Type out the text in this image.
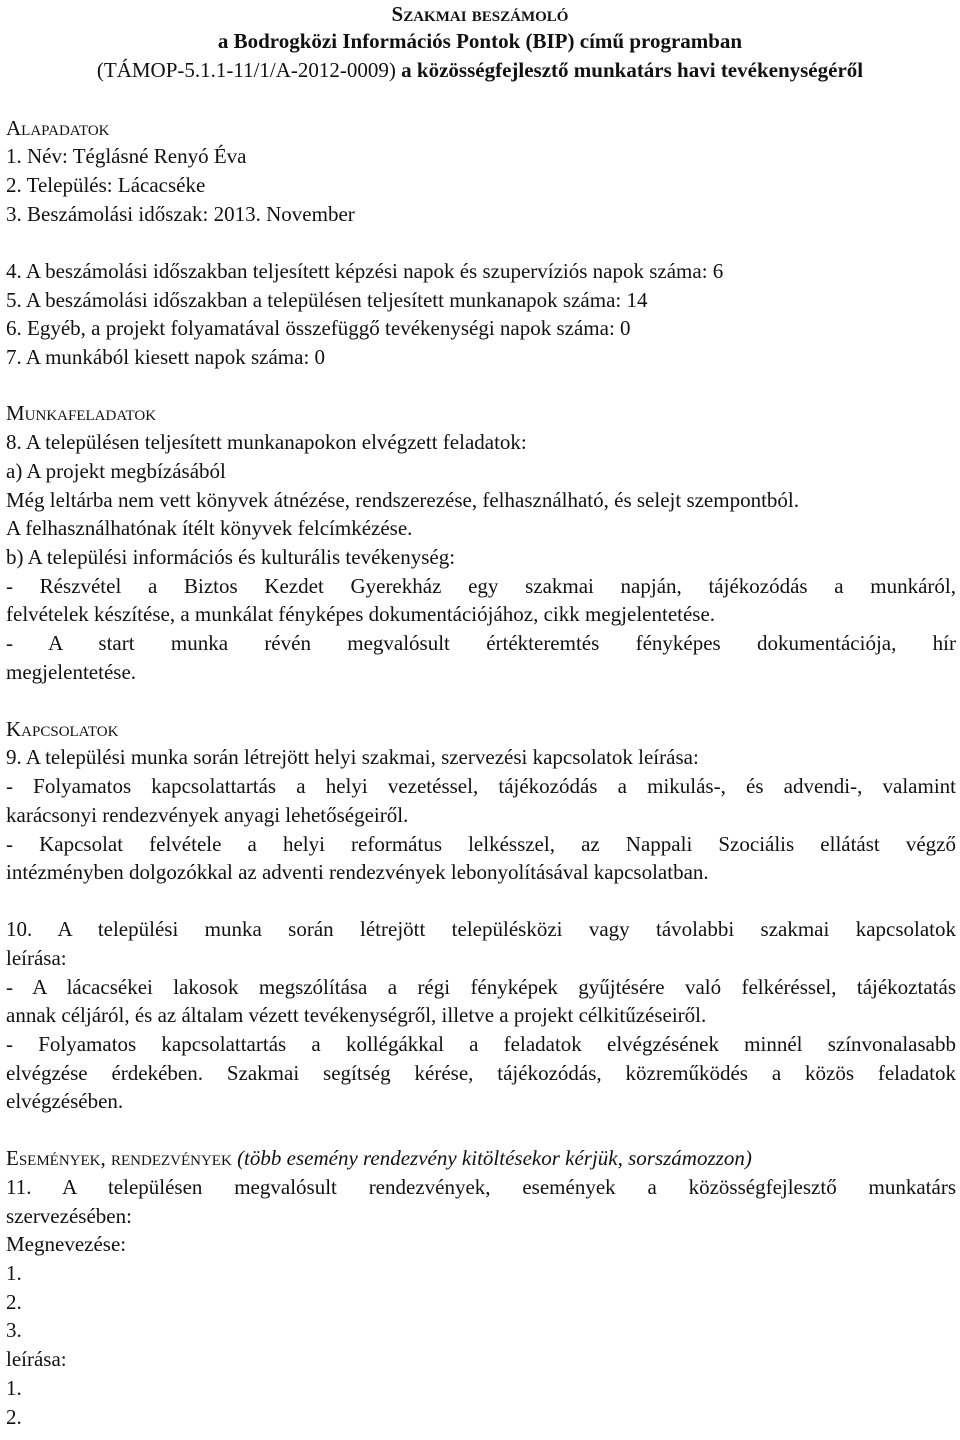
Szakmai beszámoló
a Bodrogközi Információs Pontok (BIP) című programban
(TÁMOP-5.1.1-11/1/A-2012-0009) a közösségfejlesztő munkatárs havi tevékenységéről
Alapadatok
1. Név: Téglásné Renyó Éva
2. Település: Lácacséke
3. Beszámolási időszak: 2013. November
4. A beszámolási időszakban teljesített képzési napok és szupervíziós napok száma: 6
5. A beszámolási időszakban a településen teljesített munkanapok száma: 14
6. Egyéb, a projekt folyamatával összefüggő tevékenységi napok száma: 0
7. A munkából kiesett napok száma: 0
Munkafeladatok
8. A településen teljesített munkanapokon elvégzett feladatok:
a) A projekt megbízásából
Még leltárba nem vett könyvek átnézése, rendszerezése, felhasználható, és selejt szempontból.
A felhasználhatónak ítélt könyvek felcímkézése.
b) A települési információs és kulturális tevékenység:
- Részvétel a Biztos Kezdet Gyerekház egy szakmai napján, tájékozódás a munkáról,
felvételek készítése, a munkálat fényképes dokumentációjához, cikk megjelentetése.
- A start munka révén megvalósult értékteremtés fényképes dokumentációja, hír
megjelentetése.
Kapcsolatok
9. A települési munka során létrejött helyi szakmai, szervezési kapcsolatok leírása:
- Folyamatos kapcsolattartás a helyi vezetéssel, tájékozódás a mikulás-, és advendi-, valamint
karácsonyi rendezvények anyagi lehetőségeiről.
- Kapcsolat felvétele a helyi református lelkésszel, az Nappali Szociális ellátást végző
intézményben dolgozókkal az adventi rendezvények lebonyolításával kapcsolatban.
10. A települési munka során létrejött településközi vagy távolabbi szakmai kapcsolatok
leírása:
- A lácacsékei lakosok megszólítása a régi fényképek gyűjtésére való felkéréssel, tájékoztatás
annak céljáról, és az általam vézett tevékenységről, illetve a projekt célkitűzéseiről.
- Folyamatos kapcsolattartás a kollégákkal a feladatok elvégzésének minnél színvonalasabb
elvégzése érdekében. Szakmai segítség kérése, tájékozódás, közreműködés a közös feladatok
elvégzésében.
Események, rendezvények (több esemény rendezvény kitöltésekor kérjük, sorszámozzon)
11. A településen megvalósult rendezvények, események a közösségfejlesztő munkatárs
szervezésében:
Megnevezése:
1.
2.
3.
leírása:
1.
2.
